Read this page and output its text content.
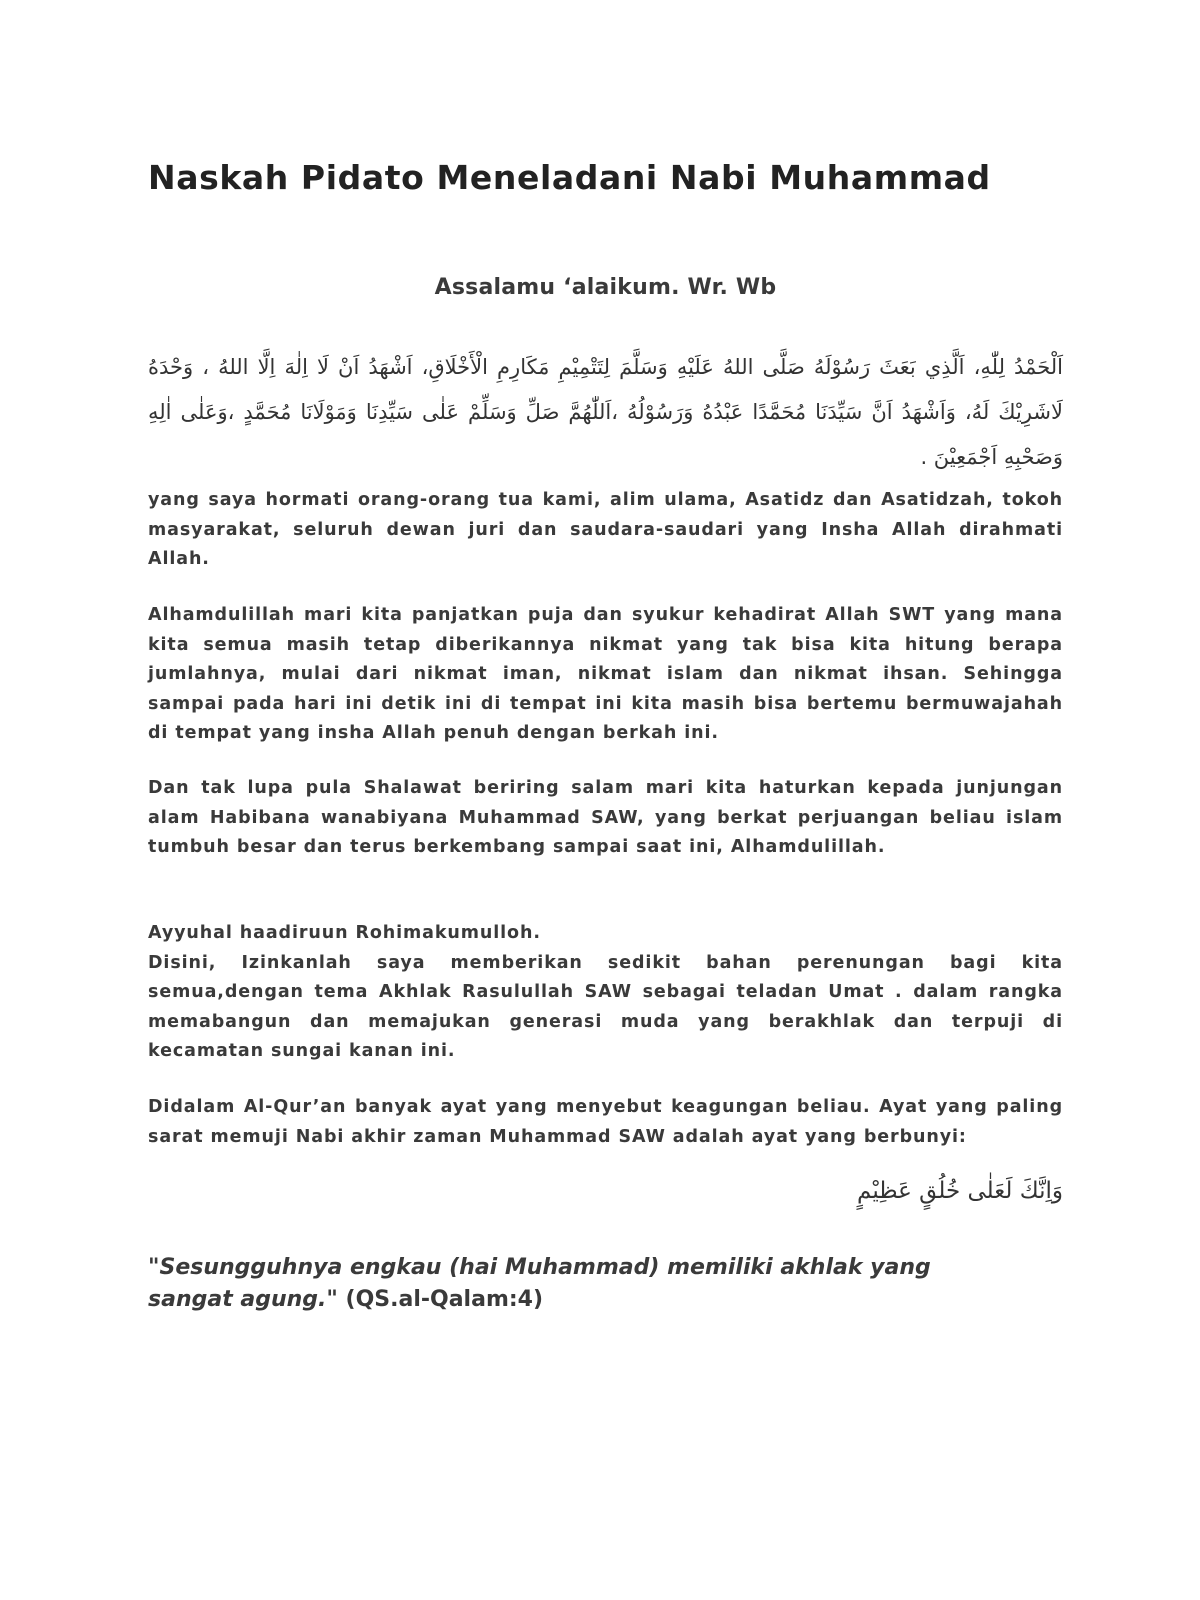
Naskah Pidato Meneladani Nabi Muhammad

Assalamu ‘alaikum. Wr. Wb

اَلْحَمْدُ لِلّٰهِ، اَلَّذِي بَعَثَ رَسُوْلَهُ صَلَّى اللهُ عَلَيْهِ وَسَلَّمَ لِتَتْمِيْمِ مَكَارِمِ الْأَخْلَاقِ، اَشْهَدُ اَنْ لَا اِلٰهَ اِلَّا اللهُ ، وَحْدَهُ لَاشَرِيْكَ لَهُ، وَاَشْهَدُ اَنَّ سَيِّدَنَا مُحَمَّدًا عَبْدُهُ وَرَسُوْلُهُ ،اَللّٰهُمَّ صَلِّ وَسَلِّمْ عَلٰى سَيِّدِنَا وَمَوْلَانَا مُحَمَّدٍ ،وَعَلٰى اٰلِهِ وَصَحْبِهِ اَجْمَعِيْنَ .

yang saya hormati orang-orang tua kami, alim ulama, Asatidz dan Asatidzah, tokoh masyarakat, seluruh dewan juri dan saudara-saudari yang Insha Allah dirahmati Allah.

Alhamdulillah mari kita panjatkan puja dan syukur kehadirat Allah SWT yang mana kita semua masih tetap diberikannya nikmat yang tak bisa kita hitung berapa jumlahnya, mulai dari nikmat iman, nikmat islam dan nikmat ihsan. Sehingga sampai pada hari ini detik ini di tempat ini kita masih bisa bertemu bermuwajahah di tempat yang insha Allah penuh dengan berkah ini.

Dan tak lupa pula Shalawat beriring salam mari kita haturkan kepada junjungan alam Habibana wanabiyana Muhammad SAW, yang berkat perjuangan beliau islam tumbuh besar dan terus berkembang sampai saat ini, Alhamdulillah.

Ayyuhal haadiruun Rohimakumulloh.
Disini, Izinkanlah saya memberikan sedikit bahan perenungan bagi kita semua,dengan tema Akhlak Rasulullah SAW sebagai teladan Umat . dalam rangka memabangun dan memajukan generasi muda yang berakhlak dan terpuji di kecamatan sungai kanan ini.

Didalam Al-Qur’an banyak ayat yang menyebut keagungan beliau. Ayat yang paling sarat memuji Nabi akhir zaman Muhammad SAW adalah ayat yang berbunyi:

وَاِنَّكَ لَعَلٰى خُلُقٍ عَظِيْمٍ

"Sesungguhnya engkau (hai Muhammad) memiliki akhlak yang sangat agung." (QS.al-Qalam:4)
